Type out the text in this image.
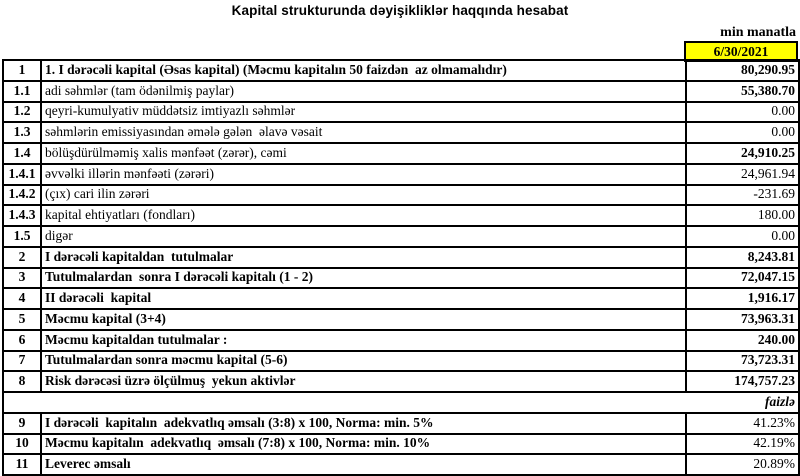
Kapital strukturunda dəyişikliklər haqqında hesabat
min manatla
6/30/2021
1	1. I dərəcəli kapital (Əsas kapital) (Məcmu kapitalın 50 faizdən  az olmamalıdır)	80,290.95
1.1	adi səhmlər (tam ödənilmiş paylar)	55,380.70
1.2	qeyri-kumulyativ müddətsiz imtiyazlı səhmlər	0.00
1.3	səhmlərin emissiyasından əmələ gələn  əlavə vəsait	0.00
1.4	bölüşdürülməmiş xalis mənfəət (zərər), cəmi	24,910.25
1.4.1	əvvəlki illərin mənfəəti (zərəri)	24,961.94
1.4.2	(çıx) cari ilin zərəri	-231.69
1.4.3	kapital ehtiyatları (fondları)	180.00
1.5	digər	0.00
2	I dərəcəli kapitaldan  tutulmalar	8,243.81
3	Tutulmalardan  sonra I dərəcəli kapitalı (1 - 2)	72,047.15
4	II dərəcəli  kapital	1,916.17
5	Məcmu kapital (3+4)	73,963.31
6	Məcmu kapitaldan tutulmalar :	240.00
7	Tutulmalardan sonra məcmu kapital (5-6)	73,723.31
8	Risk dərəcəsi üzrə ölçülmuş  yekun aktivlər	174,757.23
faizlə		
9	I dərəcəli  kapitalın  adekvatlıq əmsalı (3:8) x 100, Norma: min. 5%	41.23%
10	Məcmu kapitalın  adekvatlıq  əmsalı (7:8) x 100, Norma: min. 10%	42.19%
11	Leverec əmsalı	20.89%
